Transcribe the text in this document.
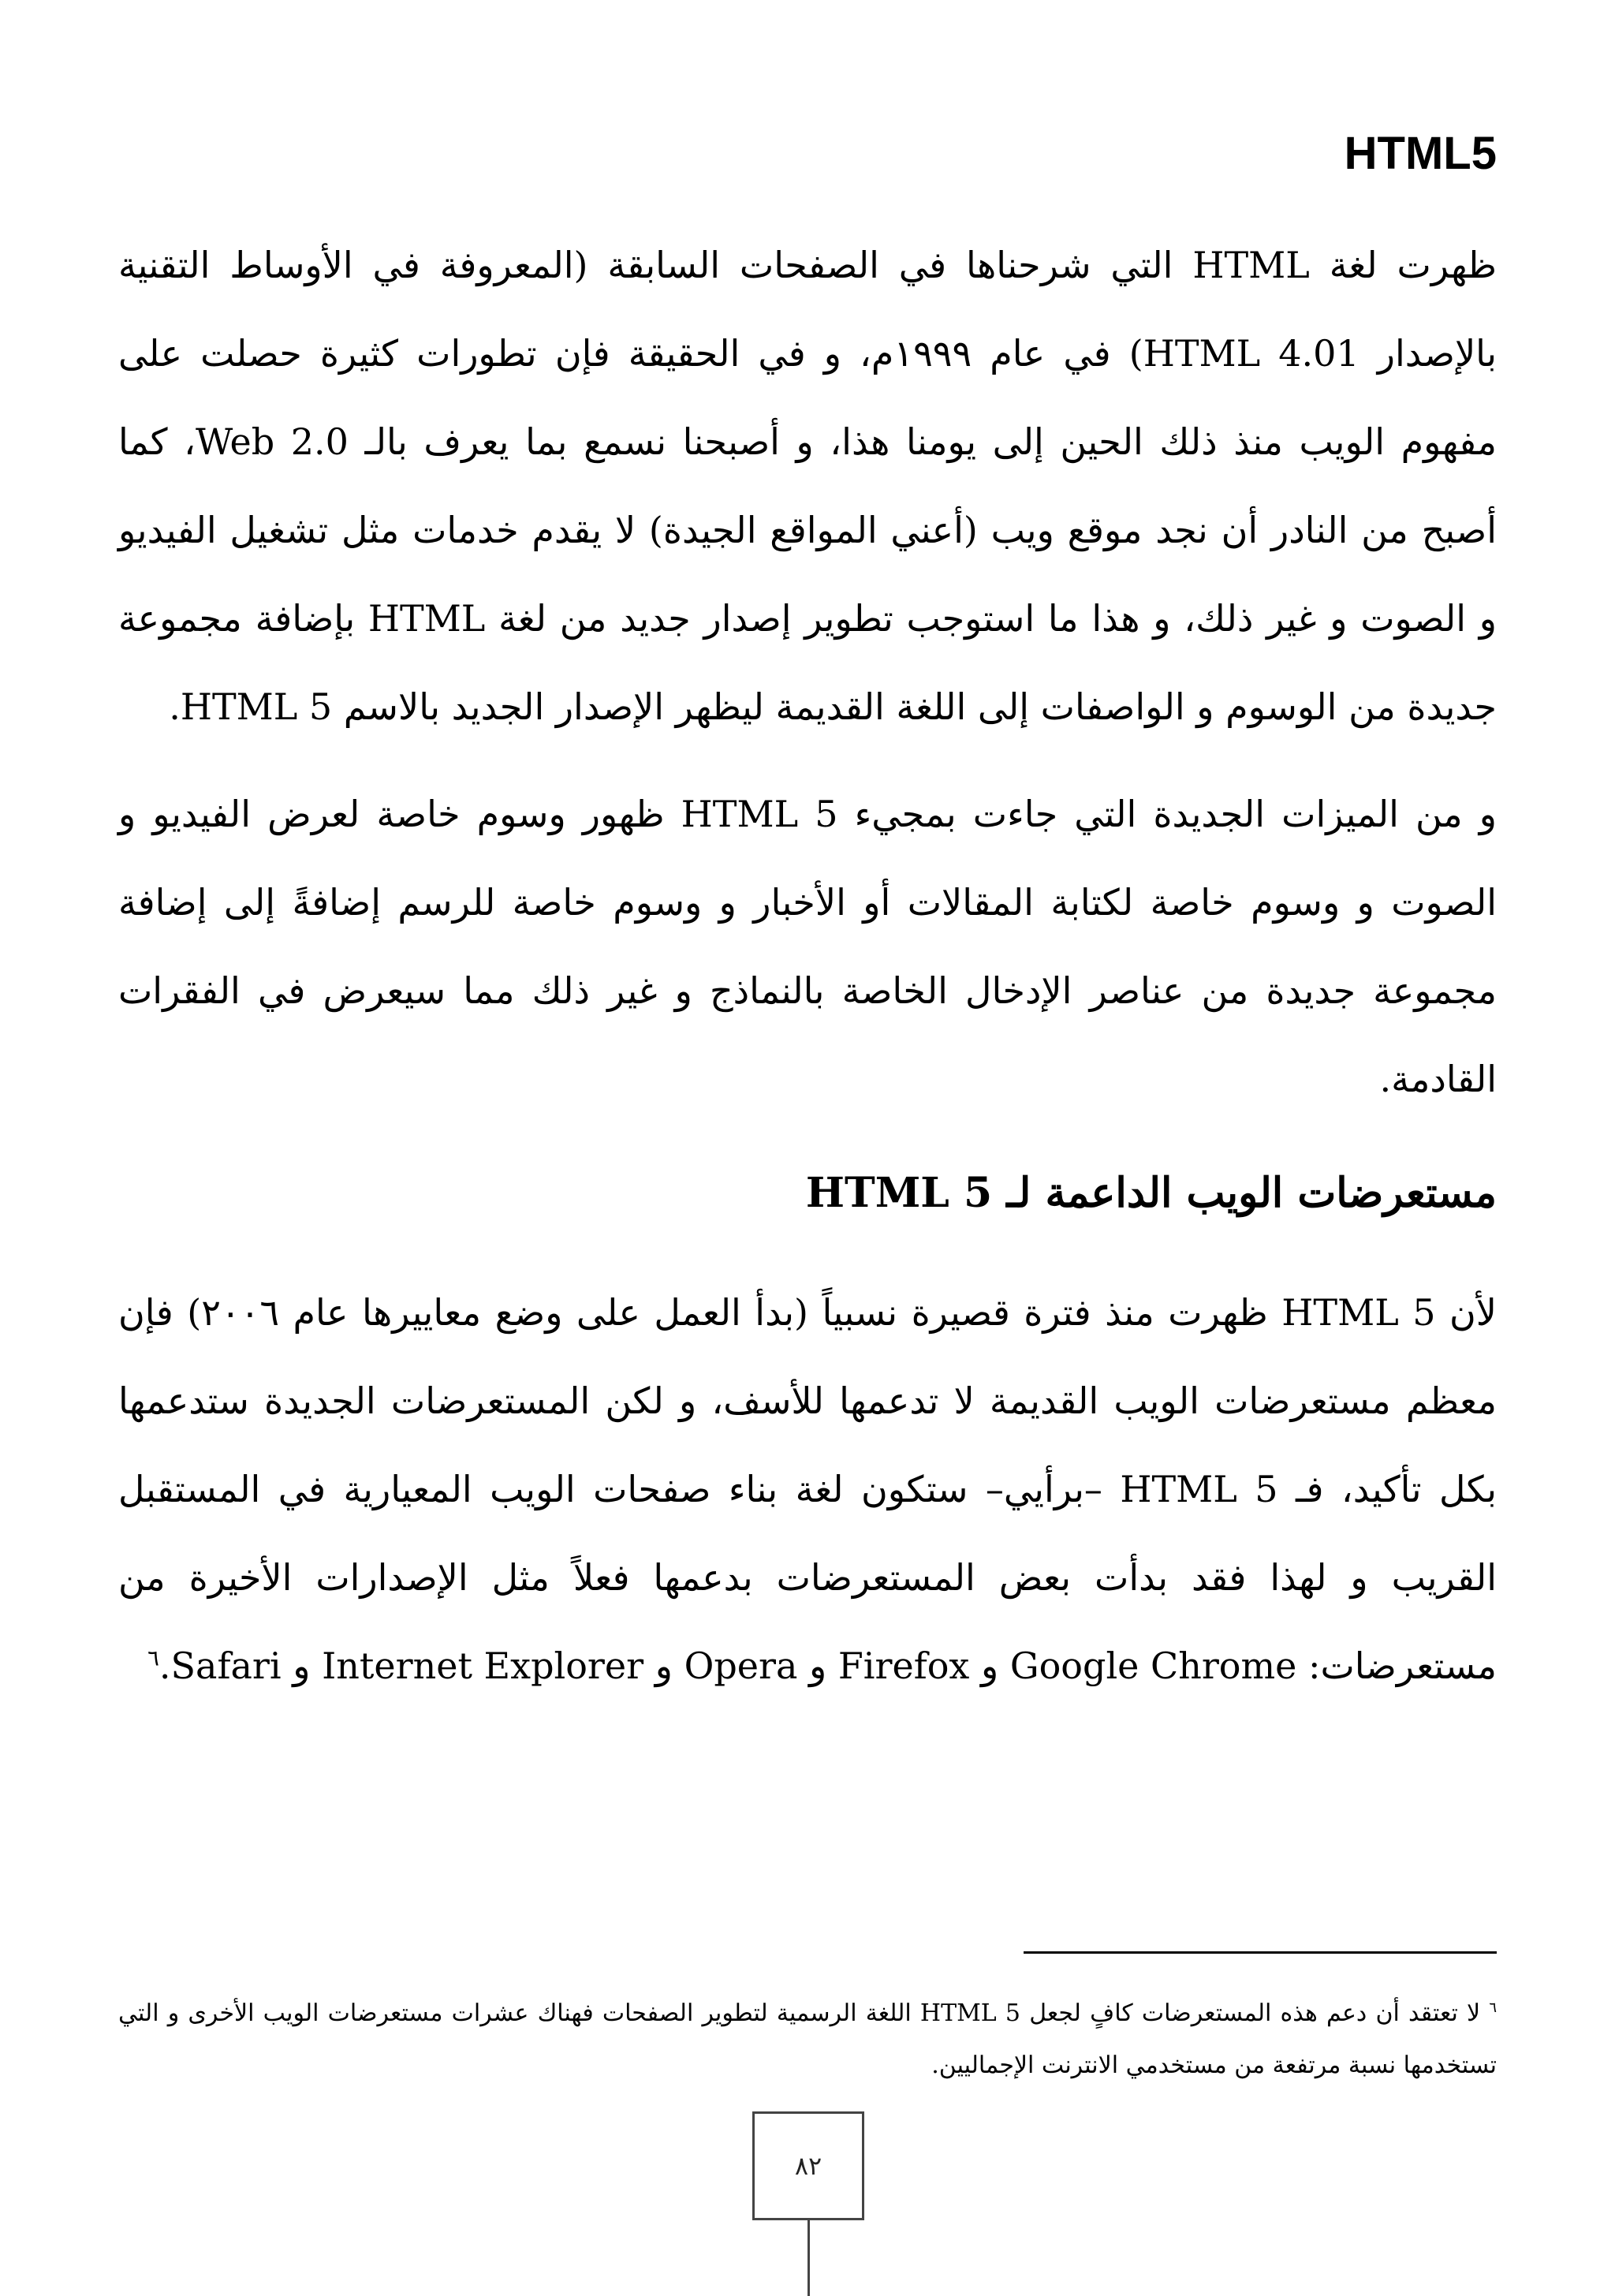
HTML5

ظهرت لغة HTML التي شرحناها في الصفحات السابقة (المعروفة في الأوساط التقنية بالإصدار HTML 4.01) في عام ١٩٩٩م، و في الحقيقة فإن تطورات كثيرة حصلت على مفهوم الويب منذ ذلك الحين إلى يومنا هذا، و أصبحنا نسمع بما يعرف بالـ Web 2.0، كما أصبح من النادر أن نجد موقع ويب (أعني المواقع الجيدة) لا يقدم خدمات مثل تشغيل الفيديو و الصوت و غير ذلك، و هذا ما استوجب تطوير إصدار جديد من لغة HTML بإضافة مجموعة جديدة من الوسوم و الواصفات إلى اللغة القديمة ليظهر الإصدار الجديد بالاسم HTML 5.

و من الميزات الجديدة التي جاءت بمجيء HTML 5 ظهور وسوم خاصة لعرض الفيديو و الصوت و وسوم خاصة لكتابة المقالات أو الأخبار و وسوم خاصة للرسم إضافةً إلى إضافة مجموعة جديدة من عناصر الإدخال الخاصة بالنماذج و غير ذلك مما سيعرض في الفقرات القادمة.

مستعرضات الويب الداعمة لـ HTML 5

لأن HTML 5 ظهرت منذ فترة قصيرة نسبياً (بدأ العمل على وضع معاييرها عام ٢٠٠٦) فإن معظم مستعرضات الويب القديمة لا تدعمها للأسف، و لكن المستعرضات الجديدة ستدعمها بكل تأكيد، فـ HTML 5 –برأيي– ستكون لغة بناء صفحات الويب المعيارية في المستقبل القريب و لهذا فقد بدأت بعض المستعرضات بدعمها فعلاً مثل الإصدارات الأخيرة من مستعرضات: Google Chrome و Firefox و Opera و Internet Explorer و Safari.$^٦$

$^٦$ لا تعتقد أن دعم هذه المستعرضات كافٍ لجعل HTML 5 اللغة الرسمية لتطوير الصفحات فهناك عشرات مستعرضات الويب الأخرى و التي تستخدمها نسبة مرتفعة من مستخدمي الانترنت الإجماليين.
٨٢
